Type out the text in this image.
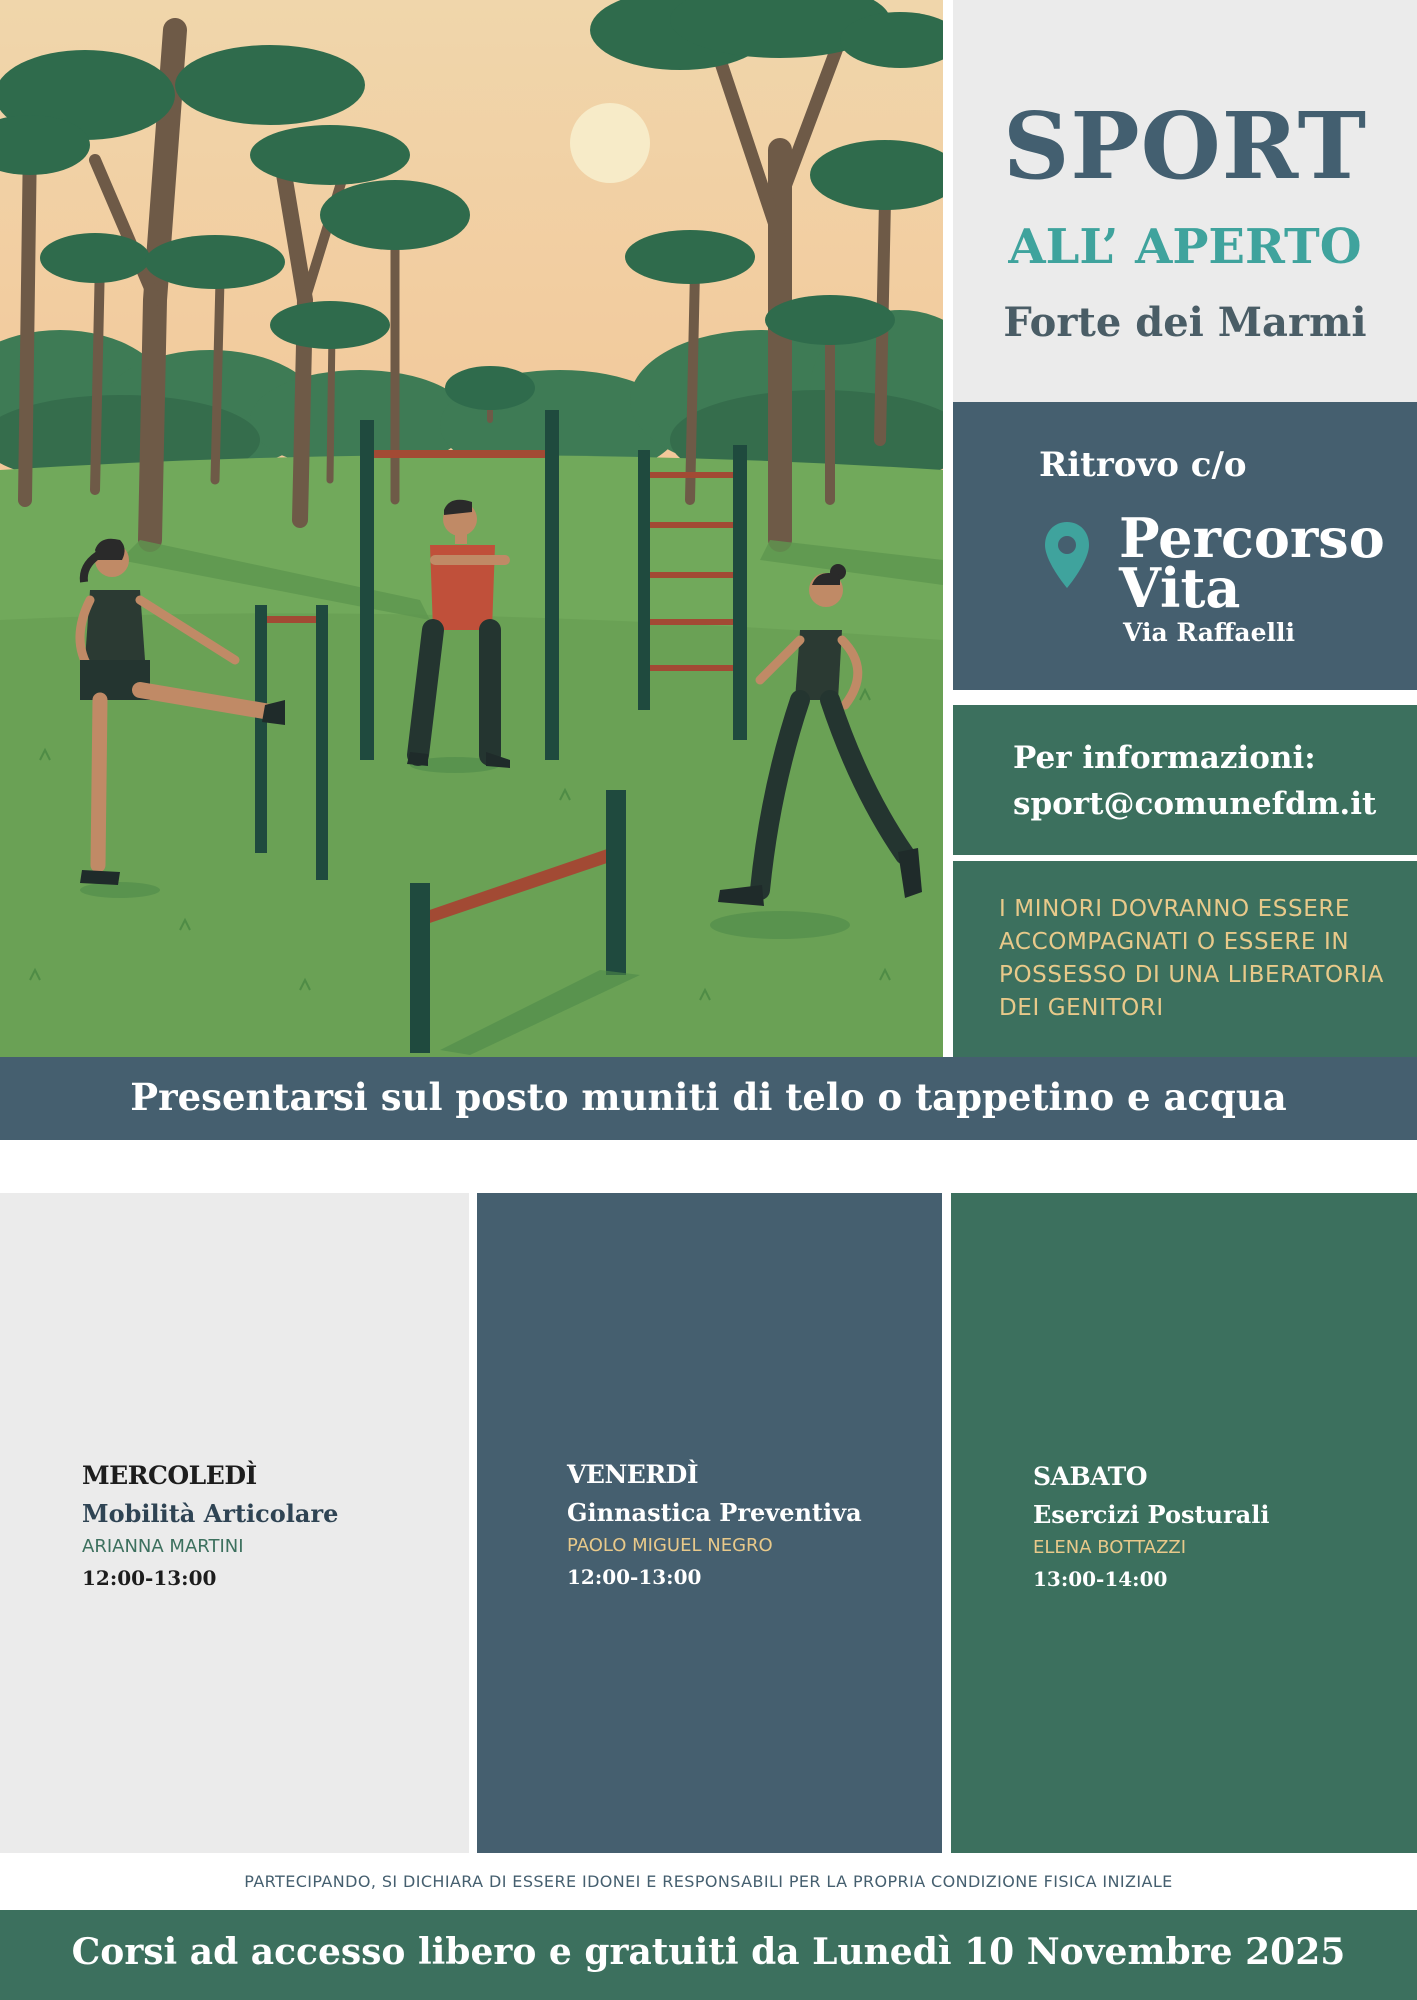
SPORT
ALL’ APERTO
Forte dei Marmi
Ritrovo c/o
Percorso Vita
Via Raffaelli
Per informazioni:
sport@comunefdm.it
I MINORI DOVRANNO ESSERE ACCOMPAGNATI O ESSERE IN POSSESSO DI UNA LIBERATORIA DEI GENITORI
Presentarsi sul posto muniti di telo o tappetino e acqua
MERCOLEDÌ
Mobilità Articolare
ARIANNA MARTINI
12:00-13:00
VENERDÌ
Ginnastica Preventiva
PAOLO MIGUEL NEGRO
12:00-13:00
SABATO
Esercizi Posturali
ELENA BOTTAZZI
13:00-14:00
PARTECIPANDO, SI DICHIARA DI ESSERE IDONEI E RESPONSABILI PER LA PROPRIA CONDIZIONE FISICA INIZIALE
Corsi ad accesso libero e gratuiti da Lunedì 10 Novembre 2025
